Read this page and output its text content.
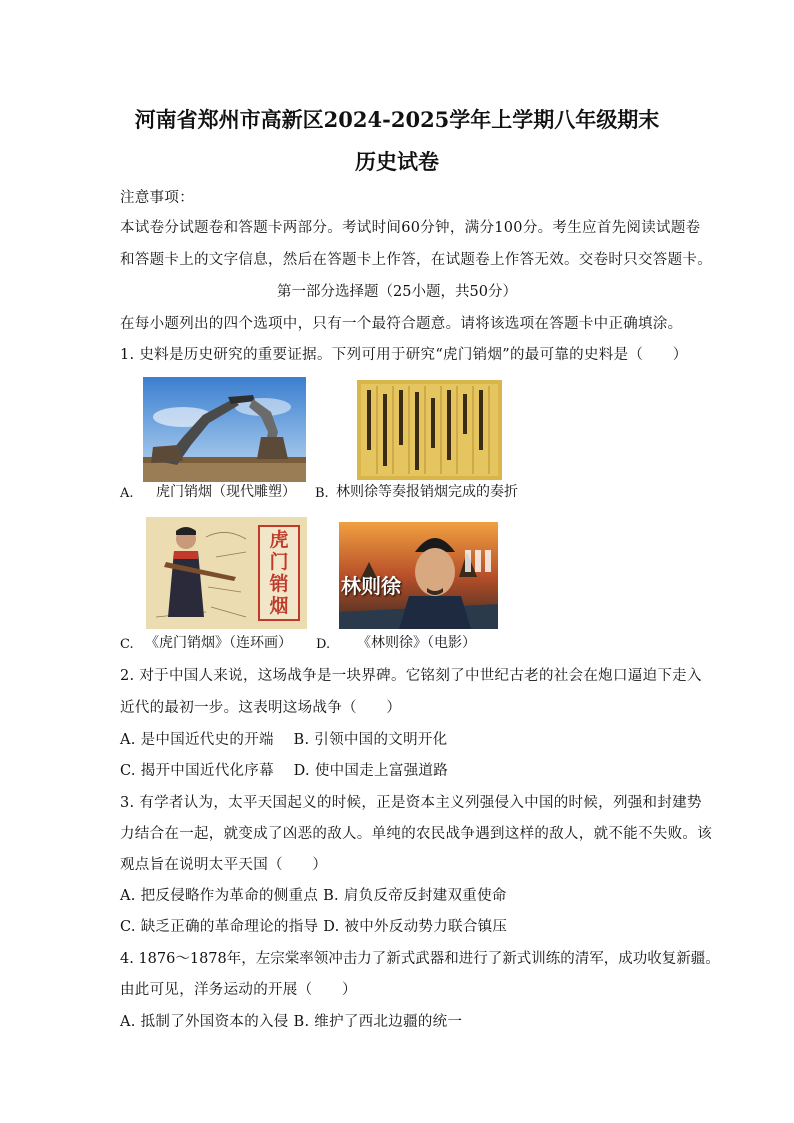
河南省郑州市高新区2024-2025学年上学期八年级期末
历史试卷
注意事项：
本试卷分试题卷和答题卡两部分。考试时间60分钟，满分100分。考生应首先阅读试题卷
和答题卡上的文字信息，然后在答题卡上作答，在试题卷上作答无效。交卷时只交答题卡。
第一部分选择题（25小题，共50分）
在每小题列出的四个选项中，只有一个最符合题意。请将该选项在答题卡中正确填涂。
1. 史料是历史研究的重要证据。下列可用于研究“虎门销烟”的最可靠的史料是（　　）
A. 虎门销烟（现代雕塑） B. 林则徐等奏报销烟完成的奏折
虎门销烟
C. 《虎门销烟》（连环画）
林则徐
D. 《林则徐》（电影）
2. 对于中国人来说，这场战争是一块界碑。它铭刻了中世纪古老的社会在炮口逼迫下走入
近代的最初一步。这表明这场战争（　　）
A. 是中国近代史的开端　 B. 引领中国的文明开化
C. 揭开中国近代化序幕　 D. 使中国走上富强道路
3. 有学者认为，太平天国起义的时候，正是资本主义列强侵入中国的时候，列强和封建势
力结合在一起，就变成了凶恶的敌人。单纯的农民战争遇到这样的敌人，就不能不失败。该
观点旨在说明太平天国（　　）
A. 把反侵略作为革命的侧重点 B. 肩负反帝反封建双重使命
C. 缺乏正确的革命理论的指导 D. 被中外反动势力联合镇压
4. 1876～1878年，左宗棠率领冲击力了新式武器和进行了新式训练的清军，成功收复新疆。
由此可见，洋务运动的开展（　　）
A. 抵制了外国资本的入侵 B. 维护了西北边疆的统一
